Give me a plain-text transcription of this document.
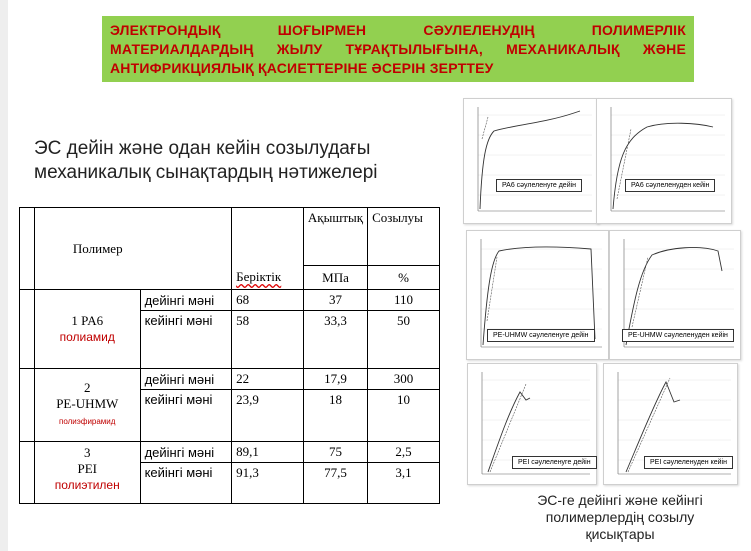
ЭЛЕКТРОНДЫҚ ШОҒЫРМЕН СӘУЛЕЛЕНУДІҢ ПОЛИМЕРЛІК
МАТЕРИАЛДАРДЫҢ ЖЫЛУ ТҰРАҚТЫЛЫҒЫНА, МЕХАНИКАЛЫҚ ЖӘНЕ
АНТИФРИКЦИЯЛЫҚ ҚАСИЕТТЕРІНЕ ӘСЕРІН ЗЕРТТЕУ
ЭС дейін және одан кейін созылудағы
механикалық сынақтардың нәтижелері
	Полимер		Беріктік	Ақыштық	Созылуы
				МПа	%
	1 PA6
полиамид	дейінгі мәні	68	37	110
		кейінгі мәні	58	33,3	50
	2
PE-UHMW
полиэфирамид	дейінгі мәні	22	17,9	300
		кейінгі мәні	23,9	18	10
	3
PEI
полиэтилен	дейінгі мәні	89,1	75	2,5
		кейінгі мәні	91,3	77,5	3,1
PA6 сәулеленуге дейін	PA6 сәулеленуден кейін
PE-UHMW сәулеленуге дейін	PE-UHMW сәулеленуден кейін
PEI сәулеленуге дейін	PEI сәулеленуден кейін
ЭС-ге дейінгі және кейінгі
полимерлердің созылу
қисықтары
